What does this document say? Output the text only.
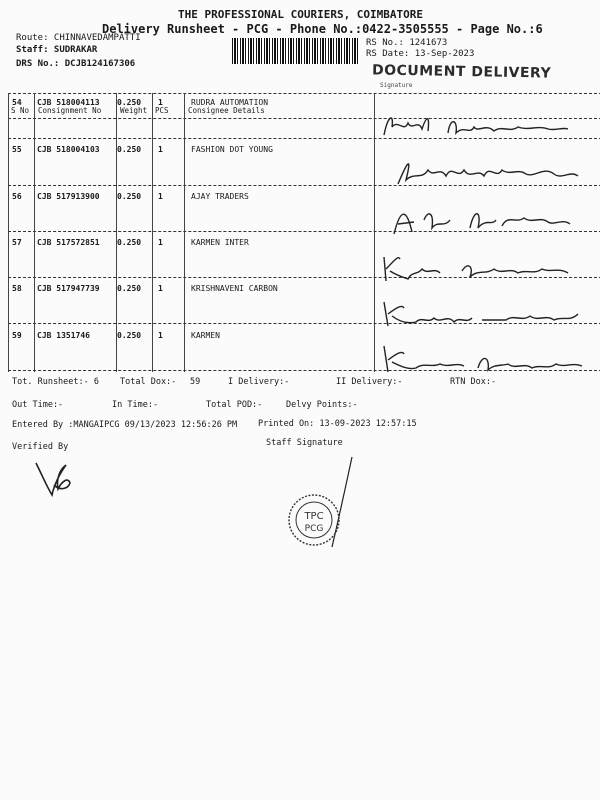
THE PROFESSIONAL COURIERS, COIMBATORE
Delivery Runsheet - PCG - Phone No.:0422-3505555 - Page No.:6
Route: CHINNAVEDAMPATTI
Staff: SUDRAKAR
DRS No.: DCJB124167306
RS No.: 1241673
RS Date: 13-Sep-2023
DOCUMENT DELIVERY
Signature
S No Consignment No	Weight PCS	Consignee Details
54 CJB 518004113 0.250 1	RUDRA AUTOMATION
55 CJB 518004103 0.250 1	FASHION DOT YOUNG
56 CJB 517913900 0.250 1	AJAY TRADERS
57 CJB 517572851 0.250 1	KARMEN INTER
58 CJB 517947739 0.250 1	KRISHNAVENI CARBON
59 CJB 1351746	0.250 1	KARMEN
Ramesh 966uoan
Anthoni 88o7l8an
A Jani Ali 9600an
Kavin 9muson
Kumar nmoon
Karman 9ouuy
Tot. Runsheet:- 6 Total Dox:- 59	I Delivery:-	II Delivery:-	RTN Dox:-
Out Time:-	In Time:-	Total POD:-	Delvy Points:-
Entered By :MANGAIPCG 09/13/2023 12:56:26 PM Printed On: 13-09-2023 12:57:15
Verified By	Staff Signature
TPC
PCG
